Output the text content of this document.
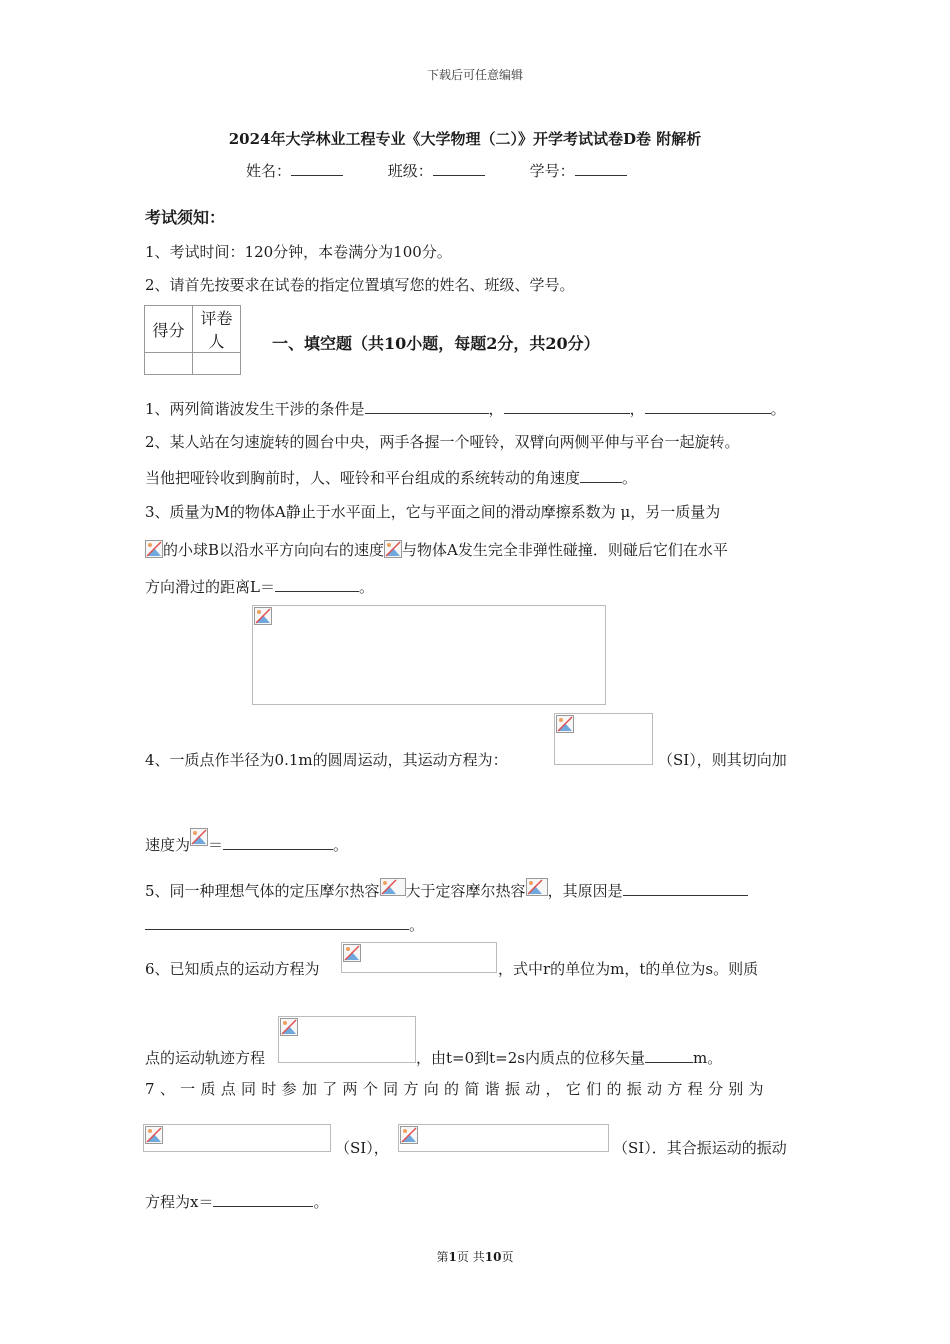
下载后可任意编辑
2024年大学林业工程专业《大学物理（二）》开学考试试卷D卷 附解析
姓名：	班级：	学号：
考试须知：
1、考试时间：120分钟，本卷满分为100分。
2、请首先按要求在试卷的指定位置填写您的姓名、班级、学号。
得分	评卷人
		一、填空题（共10小题，每题2分，共20分）
1、两列简谐波发生干涉的条件是	，	，	。
2、某人站在匀速旋转的圆台中央，两手各握一个哑铃，双臂向两侧平伸与平台一起旋转。
当他把哑铃收到胸前时，人、哑铃和平台组成的系统转动的角速度	。
3、质量为M的物体A静止于水平面上，它与平面之间的滑动摩擦系数为 μ，另一质量为
的小球B以沿水平方向向右的速度 与物体A发生完全非弹性碰撞．则碰后它们在水平
方向滑过的距离L＝	。
4、一质点作半径为0.1m的圆周运动，其运动方程为：	（SI），则其切向加
速度为 ＝	。
5、同一种理想气体的定压摩尔热容 大于定容摩尔热容 ，其原因是
。
6、已知质点的运动方程为	，式中r的单位为m，t的单位为s。则质
点的运动轨迹方程	，由t=0到t=2s内质点的位移矢量	m。
7、一质点同时参加了两个同方向的简谐振动，它们的振动方程分别为
（SI），	（SI）．其合振运动的振动
方程为x＝	。
第1页 共10页
